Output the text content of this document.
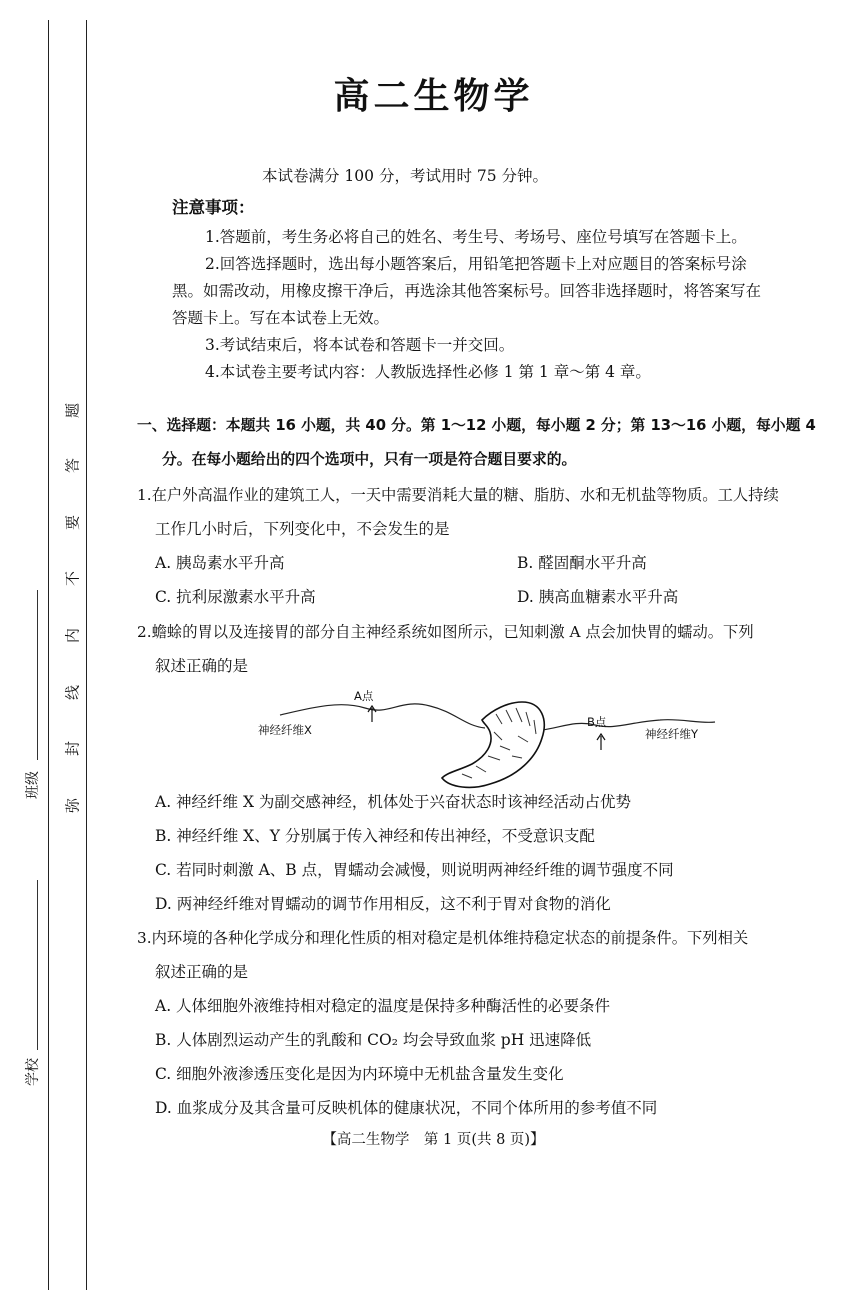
题
答
要
不
内
线
封
弥
班级
学校
高二生物学
本试卷满分 100 分，考试用时 75 分钟。
注意事项：
1.答题前，考生务必将自己的姓名、考生号、考场号、座位号填写在答题卡上。
2.回答选择题时，选出每小题答案后，用铅笔把答题卡上对应题目的答案标号涂
黑。如需改动，用橡皮擦干净后，再选涂其他答案标号。回答非选择题时，将答案写在
答题卡上。写在本试卷上无效。
3.考试结束后，将本试卷和答题卡一并交回。
4.本试卷主要考试内容：人教版选择性必修 1 第 1 章～第 4 章。
一、选择题：本题共 16 小题，共 40 分。第 1～12 小题，每小题 2 分；第 13～16 小题，每小题 4
分。在每小题给出的四个选项中，只有一项是符合题目要求的。
1.在户外高温作业的建筑工人，一天中需要消耗大量的糖、脂肪、水和无机盐等物质。工人持续
工作几小时后，下列变化中，不会发生的是
A. 胰岛素水平升高	B. 醛固酮水平升高
C. 抗利尿激素水平升高	D. 胰高血糖素水平升高
2.蟾蜍的胃以及连接胃的部分自主神经系统如图所示，已知刺激 A 点会加快胃的蠕动。下列
叙述正确的是
A点
B点
神经纤维X	神经纤维Y
A. 神经纤维 X 为副交感神经，机体处于兴奋状态时该神经活动占优势
B. 神经纤维 X、Y 分别属于传入神经和传出神经，不受意识支配
C. 若同时刺激 A、B 点，胃蠕动会减慢，则说明两神经纤维的调节强度不同
D. 两神经纤维对胃蠕动的调节作用相反，这不利于胃对食物的消化
3.内环境的各种化学成分和理化性质的相对稳定是机体维持稳定状态的前提条件。下列相关
叙述正确的是
A. 人体细胞外液维持相对稳定的温度是保持多种酶活性的必要条件
B. 人体剧烈运动产生的乳酸和 CO₂ 均会导致血浆 pH 迅速降低
C. 细胞外液渗透压变化是因为内环境中无机盐含量发生变化
D. 血浆成分及其含量可反映机体的健康状况，不同个体所用的参考值不同
【高二生物学　第 1 页(共 8 页)】
